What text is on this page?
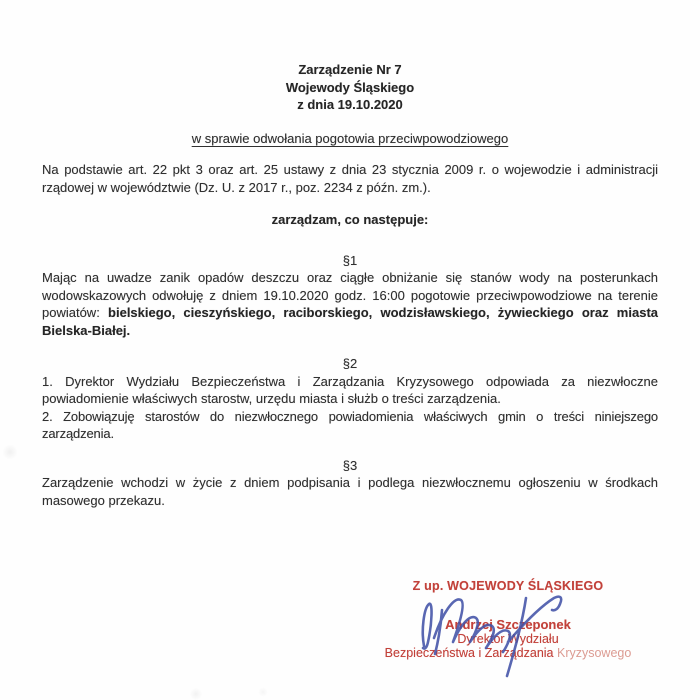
Zarządzenie Nr 7
Wojewody Śląskiego
z dnia 19.10.2020
w sprawie odwołania pogotowia przeciwpowodziowego

Na podstawie art. 22 pkt 3 oraz art. 25 ustawy z dnia 23 stycznia 2009 r. o wojewodzie i administracji rządowej w województwie (Dz. U. z 2017 r., poz. 2234 z późn. zm.).

zarządzam, co następuje:
§1

Mając na uwadze zanik opadów deszczu oraz ciągłe obniżanie się stanów wody na posterunkach wodowskazowych odwołuję z dniem 19.10.2020 godz. 16:00 pogotowie przeciwpowodziowe na terenie powiatów: bielskiego, cieszyńskiego, raciborskiego, wodzisławskiego, żywieckiego oraz miasta Bielska-Białej.

§2

1. Dyrektor Wydziału Bezpieczeństwa i Zarządzania Kryzysowego odpowiada za niezwłoczne powiadomienie właściwych starostw, urzędu miasta i służb o treści zarządzenia.

2. Zobowiązuję starostów do niezwłocznego powiadomienia właściwych gmin o treści niniejszego zarządzenia.

§3

Zarządzenie wchodzi w życie z dniem podpisania i podlega niezwłocznemu ogłoszeniu w środkach masowego przekazu.

Z up. WOJEWODY ŚLĄSKIEGO
Andrzej Szczeponek
Dyrektor Wydziału
Bezpieczeństwa i Zarządzania Kryzysowego
